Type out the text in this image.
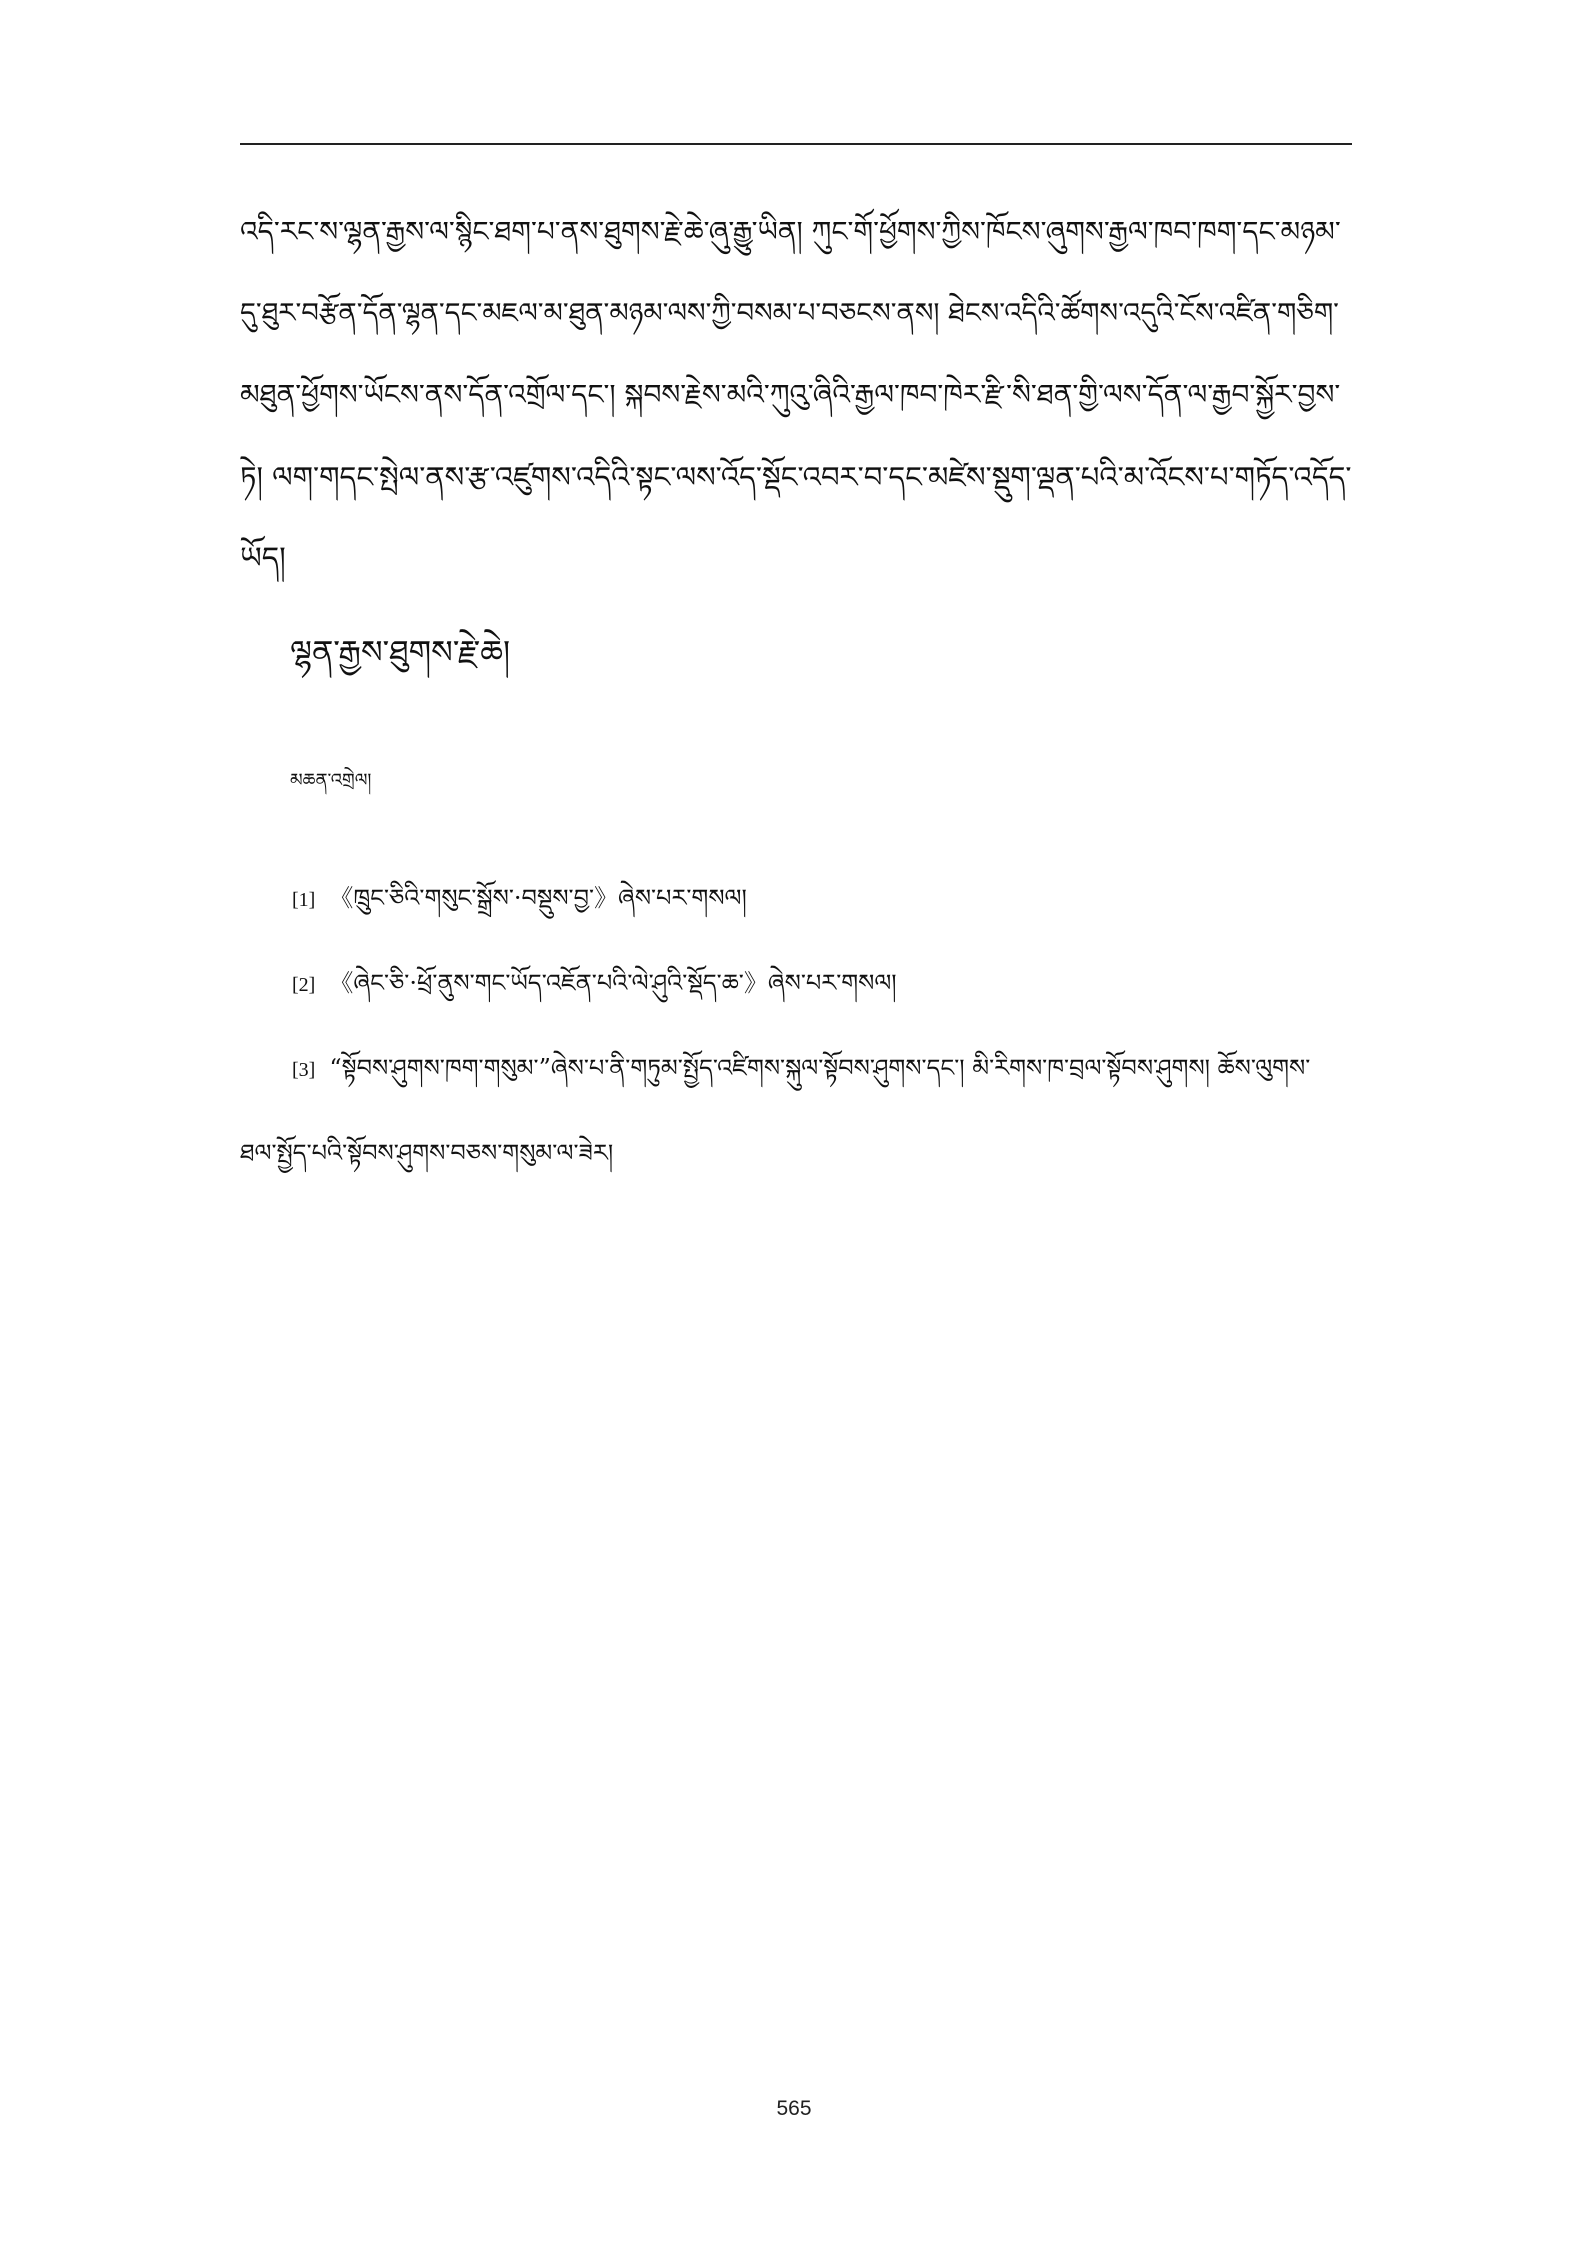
འདི་རང་ས་ལྷན་རྒྱས་ལ་སྙིང་ཐག་པ་ནས་ཐུགས་རྗེ་ཆེ་ཞུ་རྒྱུ་ཡིན། ཀུང་གོ་ཕྱོགས་ཀྱིས་ཁོངས་ཞུགས་རྒྱལ་ཁབ་ཁག་དང་མཉམ་
དུ་ཐུར་བརྩོན་དོན་ལྷན་དང་མཇལ་མ་ཐུན་མཉམ་ལས་ཀྱི་བསམ་པ་བཅངས་ནས། ཐེངས་འདིའི་ཚོགས་འདུའི་ངོས་འཛིན་གཅིག་
མཐུན་ཕྱོགས་ཡོངས་ནས་དོན་འགྲོལ་དང་། སྐབས་རྗེས་མའི་ཀུའུ་ཞིའི་རྒྱལ་ཁབ་ཁེར་རྫི་སི་ཐན་གྱི་ལས་དོན་ལ་རྒྱབ་སྐྱོར་བྱས་
ཏེ། ལག་གདང་སྤེལ་ནས་རྩ་འཛུགས་འདིའི་སྟང་ལས་འོད་སྡོང་འབར་བ་དང་མཛེས་སྡུག་ལྡན་པའི་མ་འོངས་པ་གཏོད་འདོད་
ཡོད།
ལྷན་རྒྱས་ཐུགས་རྗེ་ཆེ།
མཆན་འགྲེལ།
[1] 《ཁྲུང་ཅིའི་གསུང་སྒྲོས་·བསྡུས་བྱ་》ཞེས་པར་གསལ།
[2] 《ཞེང་ཅི་·ཕྲོ་ནུས་གང་ཡོད་འཇོན་པའི་ལེ་ཤུའི་སྡོད་ཆ་》ཞེས་པར་གསལ།
[3] “སྟོབས་ཤུགས་ཁག་གསུམ་”ཞེས་པ་ནི་གཏུམ་སྤྱོད་འཛིགས་སྐུལ་སྟོབས་ཤུགས་དང་། མི་རིགས་ཁ་བྲལ་སྟོབས་ཤུགས། ཆོས་ལུགས་
ཐལ་སྤྱོད་པའི་སྟོབས་ཤུགས་བཅས་གསུམ་ལ་ཟེར།
565
